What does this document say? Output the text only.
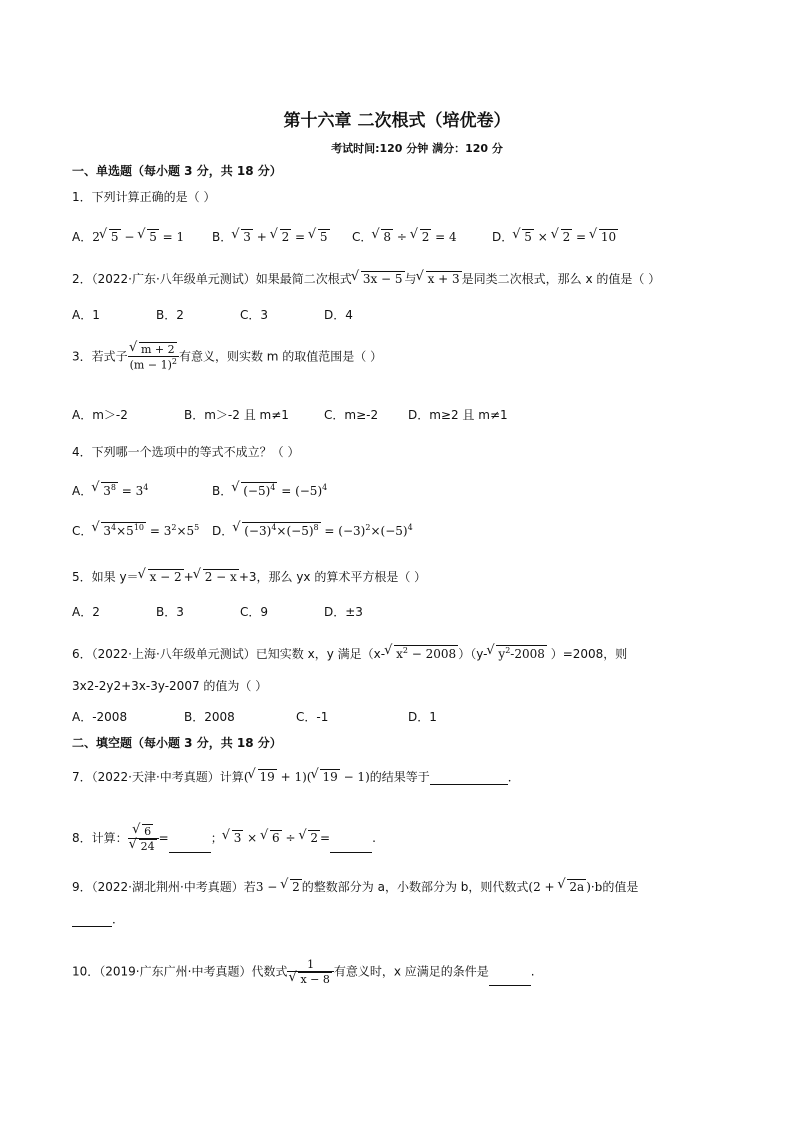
第十六章 二次根式（培优卷）
考试时间:120 分钟 满分：120 分
一、单选题（每小题 3 分，共 18 分）
1．下列计算正确的是（ ）
A．2 √ 5 − √ 5 = 1 B． √ 3 + √ 2 = √ 5 C． √ 8 ÷ √ 2 = 4	D． √ 5 × √ 2 = √ 10
2．（2022·广东·八年级单元测试）如果最简二次根式 √ 3x − 5 与 √ x + 3 是同类二次根式，那么 x 的值是（ ）
A．1	B．2	C．3	D．4
3．若式子 √ $\frac{m + 2}{(m - 1)^2}$ 有意义，则实数 m 的取值范围是（ ）
A．m＞-2	B．m＞-2 且 m≠1	C．m≥-2 D．m≥2 且 m≠1
4．下列哪一个选项中的等式不成立？（ ）
A． √ $3^8 = 3^4$	B． √ $(-5)^4 = (-5)^4$
C． √ $3^4\times 5^{10} = 3^2\times 5^5$ D． √ $(-3)^4\times(-5)^8 = (-3)^2\times(-5)^4$
5．如果 y＝ √ x − 2 + √ 2 − x +3，那么 yx 的算术平方根是（ ）
A．2	B．3	C．9	D．±3
6．（2022·上海·八年级单元测试）已知实数 x，y 满足（x- √ $x^2 - 2008$ ）（y- √ $y^2-2008$ ）=2008，则
3x2-2y2+3x-3y-2007 的值为（ ）
A．-2008	B．2008	C．-1	D．1
二、填空题（每小题 3 分，共 18 分）
7．（2022·天津·中考真题）计算( √ 19 + 1)( √ 19 − 1)的结果等于	．
8．计算： √ 6
√ 24 =	； √ 3 × √ 6 ÷ √ 2 =	.
9．（2022·湖北荆州·中考真题）若3 − √ 2 的整数部分为 a，小数部分为 b，则代数式(2 + √ 2a )·b的值是
．
10．（2019·广东广州·中考真题）代数式 1
√ x − 8 有意义时，x 应满足的条件是	.
